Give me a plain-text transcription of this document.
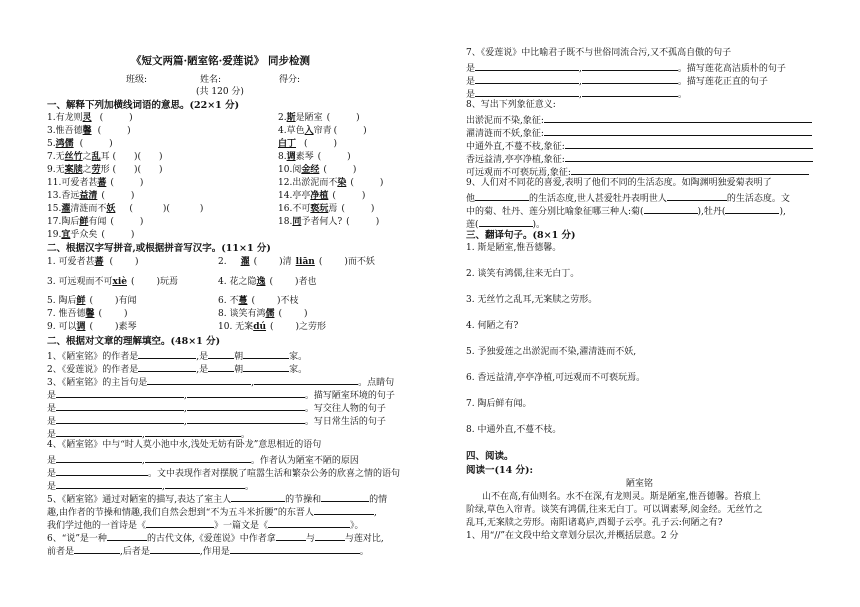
《短文两篇·陋室铭·爱莲说》 同步检测
班级:	姓名:	得分:
(共 120 分)
一、解释下列加横线词语的意思。(22×1 分)
1.有龙则灵 (	)	2.斯是陋室 (	)
3.惟吾德馨 (	)	4.草色入帘青 (	)
5.鸿儒 (	)	白丁 (	)
7.无丝竹之乱耳 ( )( )	8.调素琴 (	)
9.无案牍之劳形 ( )( )	10.阅金经 (	)
11.可爱者甚蕃 (	)	12.出淤泥而不染 (	)
13.香远益清 (	)	14.亭亭净植 (	)
15.濯清涟而不妖 (	)(	)	16.不可亵玩焉 (	)
17.陶后鲜有闻 (	)	18.同予者何人? (	)
19.宜乎众矣 (	)
二、根据汉字写拼音,或根据拼音写汉字。(11×1 分)
1. 可爱者甚蕃 ( )	2. 濯 ( )清 liān ( )而不妖
3. 可远观而不可xiè ( )玩焉	4. 花之隐逸 ( )者也
5. 陶后鲜 ( )有闻	6. 不蔓 ( )不枝
7. 惟吾德馨 ( )	8. 谈笑有鸿儒 ( )
9. 可以调 ( )素琴	10. 无案dú ( )之劳形
二、根据对文章的理解填空。(48×1 分)
1、《陋室铭》的作者是	,是	朝	家。
2、《爱莲说》的作者是	,是	朝	家。
3、《陋室铭》的主旨句是	,	。点睛句
是	,	。描写陋室环境的句子
是	,	。写交往人物的句子
是	,	。写日常生活的句子
是	,	。
4、《陋室铭》中与“时人莫小池中水,浅处无妨有卧龙”意思相近的语句
是	,	。作者认为陋室不陋的原因
是	。文中表现作者对摆脱了喧嚣生活和繁杂公务的欣喜之情的语句
是	,	。
5、《陋室铭》通过对陋室的描写,表达了室主人	的节操和	的情
趣,由作者的节操和情趣,我们自然会想到“不为五斗米折腰”的东晋人	,
我们学过他的一首诗是《	》一篇文是《	》。
6、“说”是一种	的古代文体,《爱莲说》中作者拿	与	与莲对比,
前者是	,后者是	,作用是	。
7、《爱莲说》中比喻君子既不与世俗同流合污,又不孤高自傲的句子
是	,	。描写莲花高洁质朴的句子
是	,	。描写莲花正直的句子
是	,	。
8、写出下列象征意义:
出淤泥而不染,象征:
濯清涟而不妖,象征:
中通外直,不蔓不枝,象征:
香远益清,亭亭净植,象征:
可远观而不可亵玩焉,象征:
9、人们对不同花的喜爱,表明了他们不同的生活态度。如陶渊明独爱菊表明了
他	的生活态度,世人甚爱牡丹表明世人	的生活态度。文
中的菊、牡丹、莲分别比喻象征哪三种人:菊(	),牡丹(	),
莲(	)。
三、翻译句子。(8×1 分)
1. 斯是陋室,惟吾德馨。
2. 谈笑有鸿儒,往来无白丁。
3. 无丝竹之乱耳,无案牍之劳形。
4. 何陋之有?
5. 予独爱莲之出淤泥而不染,濯清涟而不妖,
6. 香远益清,亭亭净植,可远观而不可亵玩焉。
7. 陶后鲜有闻。
8. 中通外直,不蔓不枝。
四、阅读。
阅读一(14 分):
陋室铭
山不在高,有仙则名。水不在深,有龙则灵。斯是陋室,惟吾德馨。苔痕上
阶绿,草色入帘青。谈笑有鸿儒,往来无白丁。可以调素琴,阅金经。无丝竹之
乱耳,无案牍之劳形。南阳诸葛庐,西蜀子云亭。孔子云:何陋之有?
1、用“//”在文段中给文章划分层次,并概括层意。2 分
